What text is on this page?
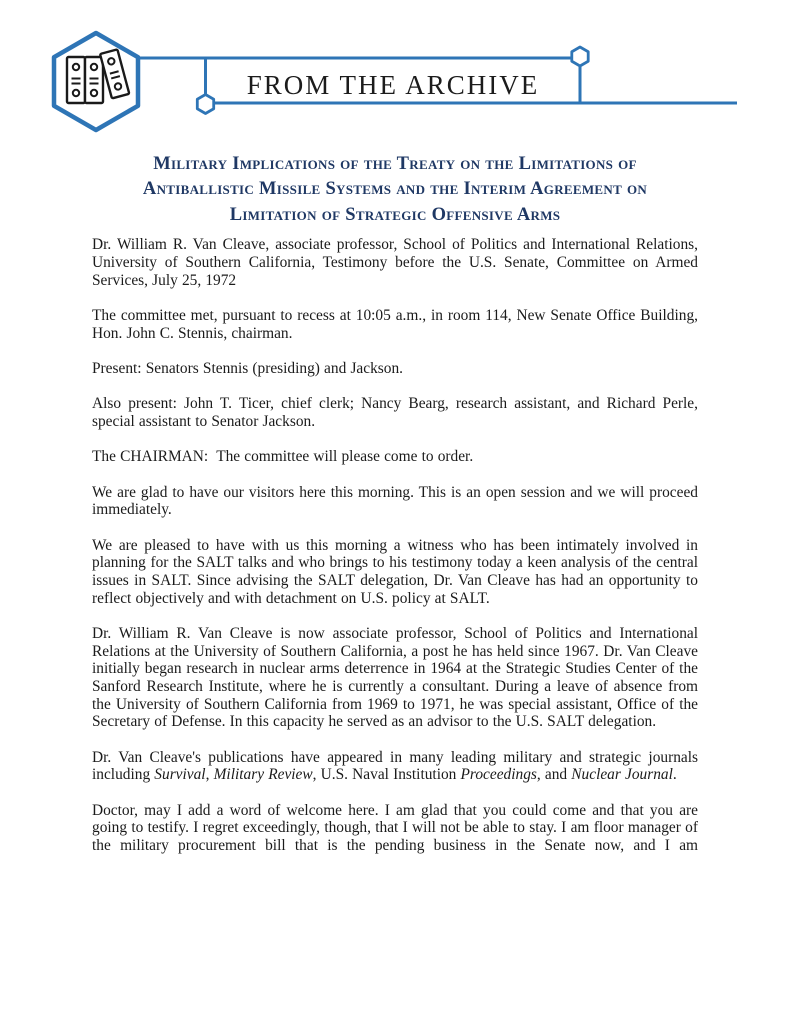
FROM THE ARCHIVE
Military Implications of the Treaty on the Limitations of
Antiballistic Missile Systems and the Interim Agreement on
Limitation of Strategic Offensive Arms

Dr. William R. Van Cleave, associate professor, School of Politics and International Relations, University of Southern California, Testimony before the U.S. Senate, Committee on Armed Services, July 25, 1972

The committee met, pursuant to recess at 10:05 a.m., in room 114, New Senate Office Building, Hon. John C. Stennis, chairman.

Present: Senators Stennis (presiding) and Jackson.

Also present: John T. Ticer, chief clerk; Nancy Bearg, research assistant, and Richard Perle, special assistant to Senator Jackson.

The CHAIRMAN:  The committee will please come to order.

We are glad to have our visitors here this morning. This is an open session and we will proceed immediately.

We are pleased to have with us this morning a witness who has been intimately involved in planning for the SALT talks and who brings to his testimony today a keen analysis of the central issues in SALT. Since advising the SALT delegation, Dr. Van Cleave has had an opportunity to reflect objectively and with detachment on U.S. policy at SALT.

Dr. William R. Van Cleave is now associate professor, School of Politics and International Relations at the University of Southern California, a post he has held since 1967. Dr. Van Cleave initially began research in nuclear arms deterrence in 1964 at the Strategic Studies Center of the Sanford Research Institute, where he is currently a consultant. During a leave of absence from the University of Southern California from 1969 to 1971, he was special assistant, Office of the Secretary of Defense. In this capacity he served as an advisor to the U.S. SALT delegation.

Dr. Van Cleave's publications have appeared in many leading military and strategic journals including Survival, Military Review, U.S. Naval Institution Proceedings, and Nuclear Journal.

Doctor, may I add a word of welcome here. I am glad that you could come and that you are going to testify. I regret exceedingly, though, that I will not be able to stay. I am floor manager of the military procurement bill that is the pending business in the Senate now, and I am
